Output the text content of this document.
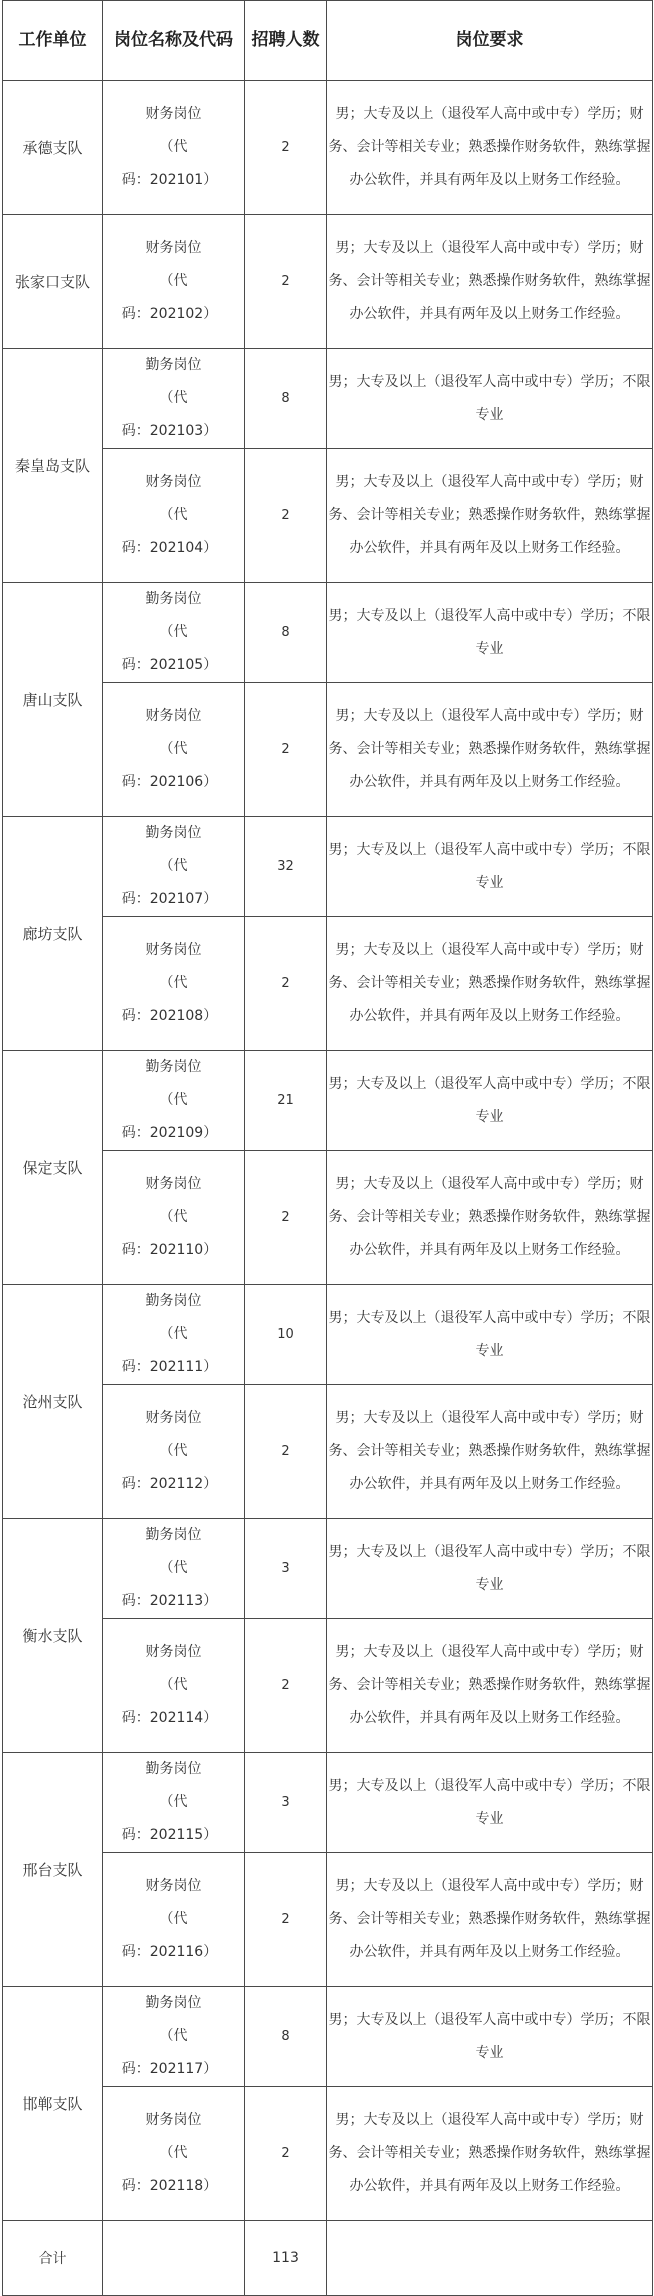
工作单位	岗位名称及代码	招聘人数	岗位要求
承德支队	财务岗位
（代
码：202101）	2	男；大专及以上（退役军人高中或中专）学历；财务、会计等相关专业；熟悉操作财务软件，熟练掌握办公软件，并具有两年及以上财务工作经验。
张家口支队	财务岗位
（代
码：202102）	2	男；大专及以上（退役军人高中或中专）学历；财务、会计等相关专业；熟悉操作财务软件，熟练掌握办公软件，并具有两年及以上财务工作经验。
秦皇岛支队	勤务岗位
（代
码：202103）	8	男；大专及以上（退役军人高中或中专）学历；不限专业

	财务岗位
（代
码：202104）	2	男；大专及以上（退役军人高中或中专）学历；财务、会计等相关专业；熟悉操作财务软件，熟练掌握办公软件，并具有两年及以上财务工作经验。
唐山支队	勤务岗位
（代
码：202105）	8	男；大专及以上（退役军人高中或中专）学历；不限专业

	财务岗位
（代
码：202106）	2	男；大专及以上（退役军人高中或中专）学历；财务、会计等相关专业；熟悉操作财务软件，熟练掌握办公软件，并具有两年及以上财务工作经验。
廊坊支队	勤务岗位
（代
码：202107）	32	男；大专及以上（退役军人高中或中专）学历；不限专业

	财务岗位
（代
码：202108）	2	男；大专及以上（退役军人高中或中专）学历；财务、会计等相关专业；熟悉操作财务软件，熟练掌握办公软件，并具有两年及以上财务工作经验。
保定支队	勤务岗位
（代
码：202109）	21	男；大专及以上（退役军人高中或中专）学历；不限专业

	财务岗位
（代
码：202110）	2	男；大专及以上（退役军人高中或中专）学历；财务、会计等相关专业；熟悉操作财务软件，熟练掌握办公软件，并具有两年及以上财务工作经验。
沧州支队	勤务岗位
（代
码：202111）	10	男；大专及以上（退役军人高中或中专）学历；不限专业

	财务岗位
（代
码：202112）	2	男；大专及以上（退役军人高中或中专）学历；财务、会计等相关专业；熟悉操作财务软件，熟练掌握办公软件，并具有两年及以上财务工作经验。
衡水支队	勤务岗位
（代
码：202113）	3	男；大专及以上（退役军人高中或中专）学历；不限专业

	财务岗位
（代
码：202114）	2	男；大专及以上（退役军人高中或中专）学历；财务、会计等相关专业；熟悉操作财务软件，熟练掌握办公软件，并具有两年及以上财务工作经验。
邢台支队	勤务岗位
（代
码：202115）	3	男；大专及以上（退役军人高中或中专）学历；不限专业

	财务岗位
（代
码：202116）	2	男；大专及以上（退役军人高中或中专）学历；财务、会计等相关专业；熟悉操作财务软件，熟练掌握办公软件，并具有两年及以上财务工作经验。
邯郸支队	勤务岗位
（代
码：202117）	8	男；大专及以上（退役军人高中或中专）学历；不限专业

	财务岗位
（代
码：202118）	2	男；大专及以上（退役军人高中或中专）学历；财务、会计等相关专业；熟悉操作财务软件，熟练掌握办公软件，并具有两年及以上财务工作经验。
合计		113	
